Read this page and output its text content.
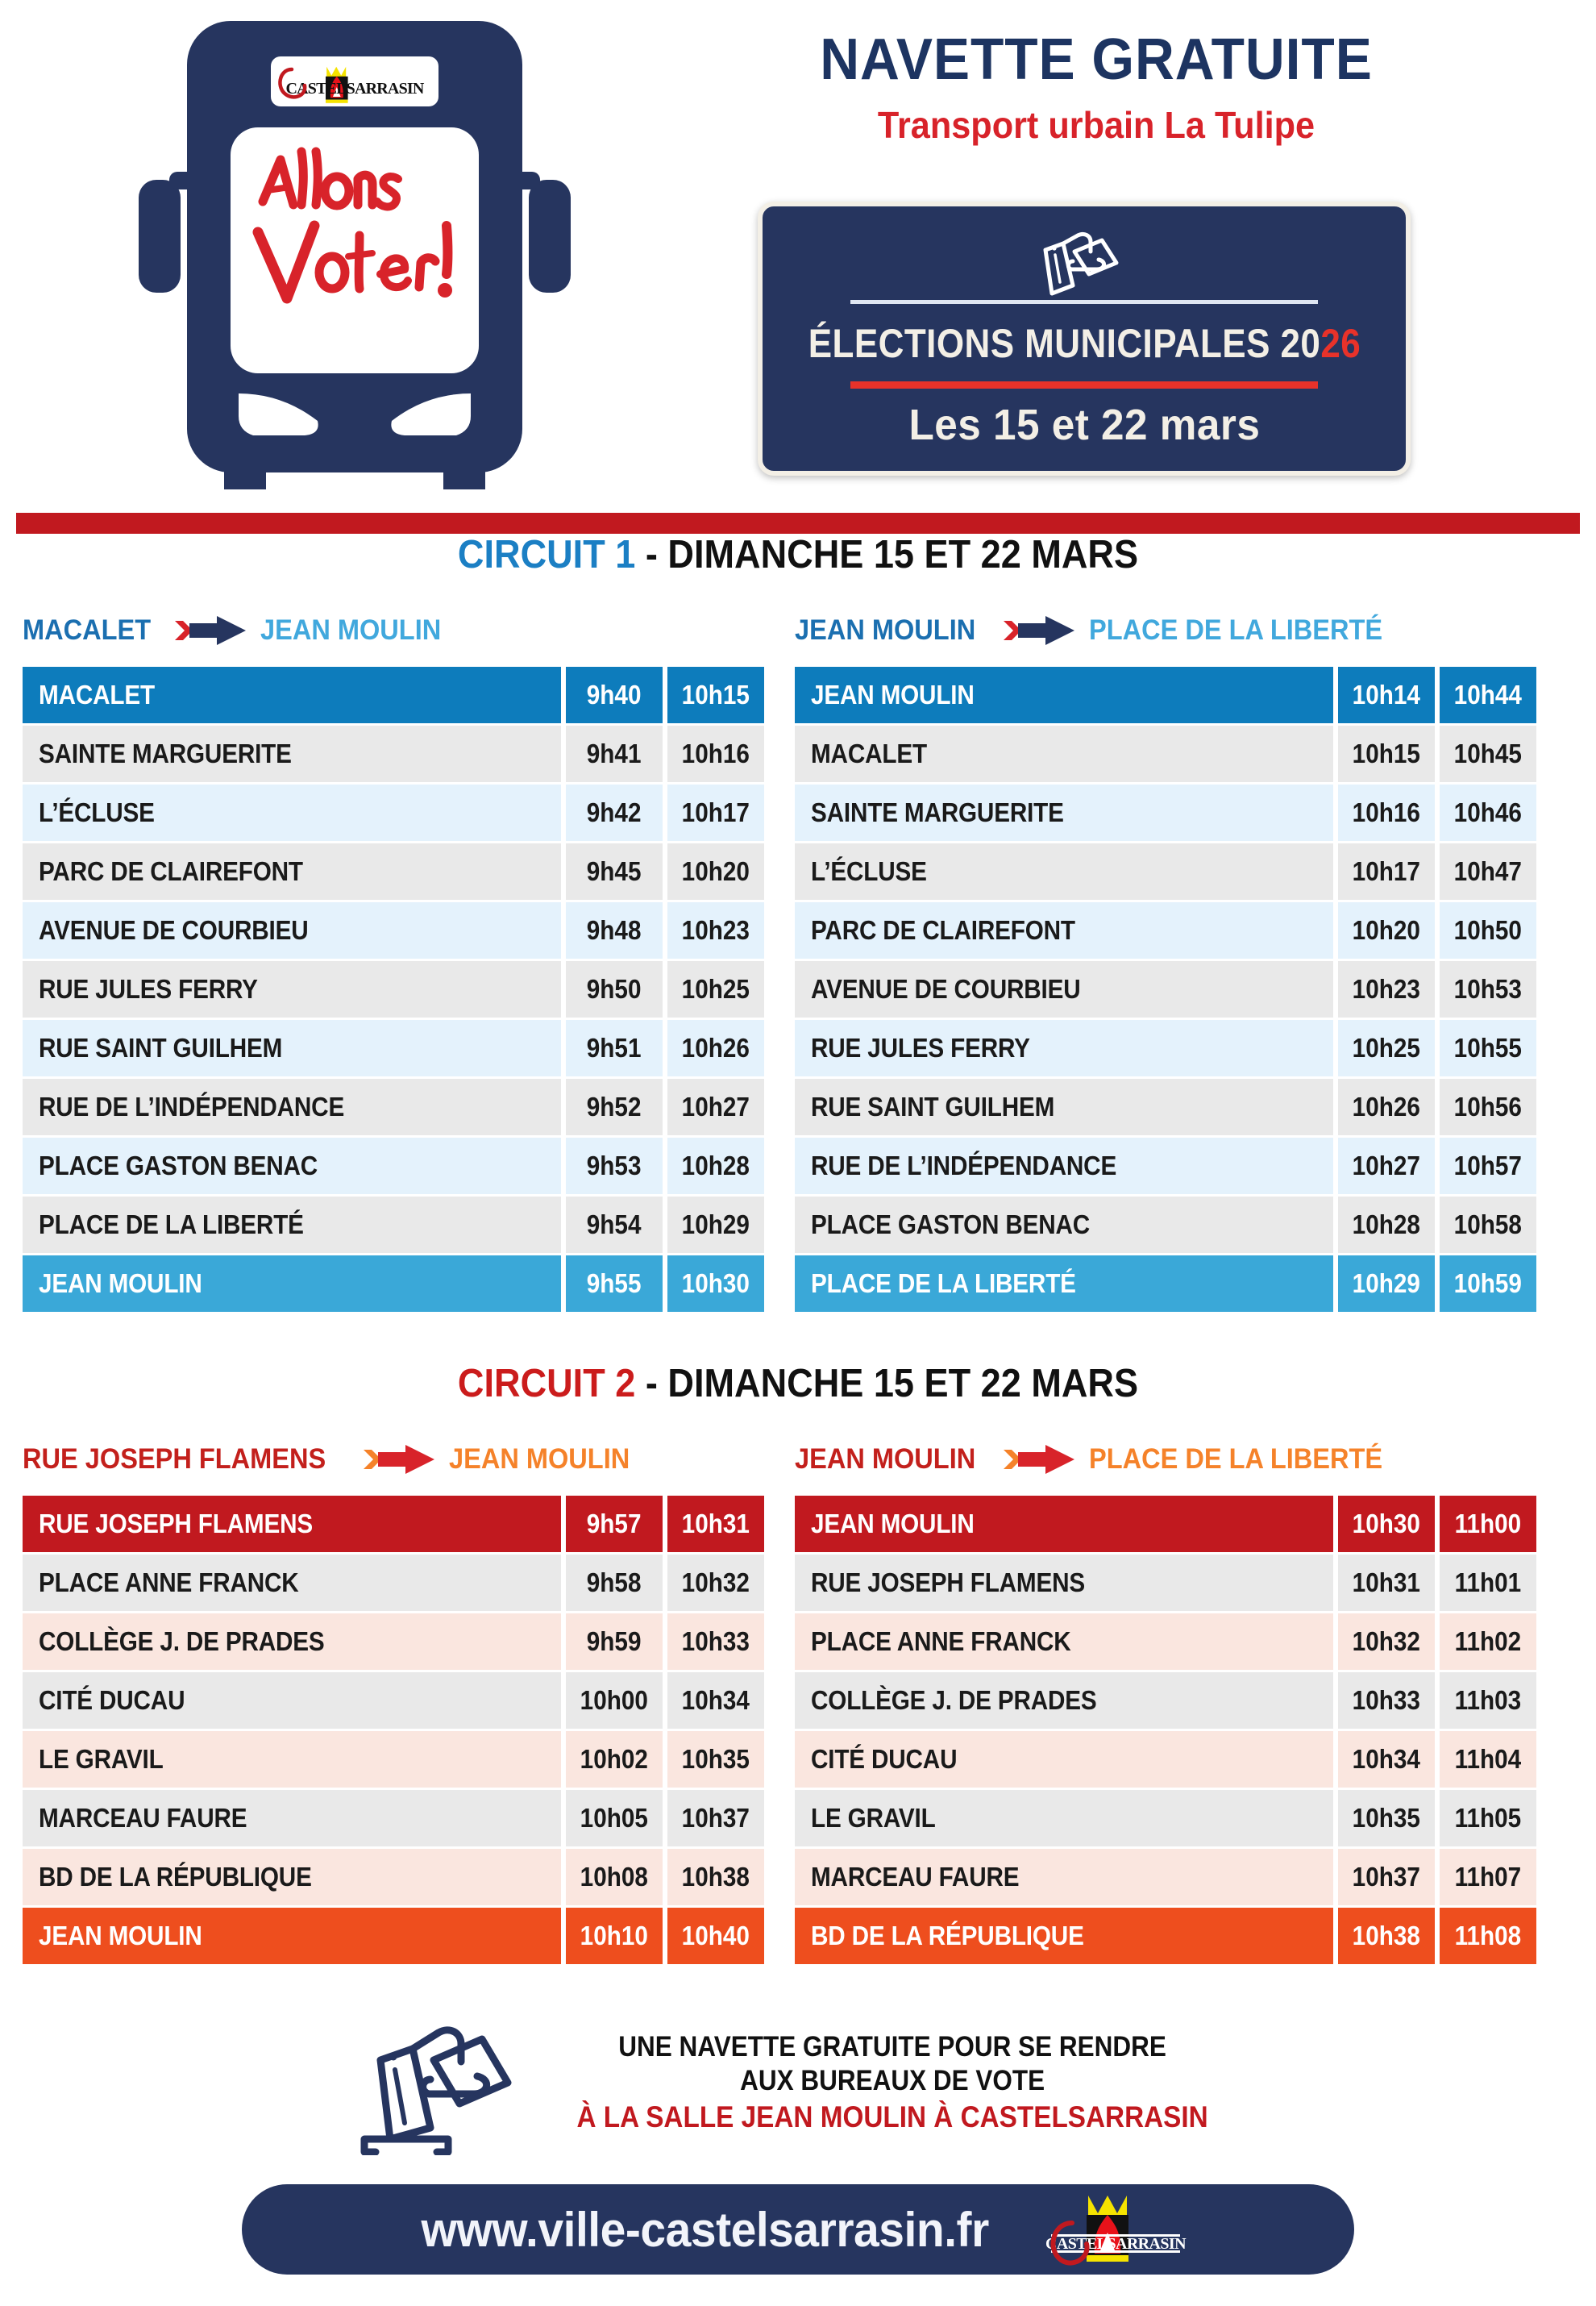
CASTELSARRASIN	NAVETTE GRATUITE
Transport urbain La Tulipe
ÉLECTIONS MUNICIPALES 2026
Les 15 et 22 mars
CIRCUIT 1 - DIMANCHE 15 ET 22 MARS
MACALET	JEAN MOULIN
MACALET		9h40		10h15
SAINTE MARGUERITE		9h41		10h16
L’ÉCLUSE		9h42		10h17
PARC DE CLAIREFONT		9h45		10h20
AVENUE DE COURBIEU		9h48		10h23
RUE JULES FERRY		9h50		10h25
RUE SAINT GUILHEM		9h51		10h26
RUE DE L’INDÉPENDANCE		9h52		10h27
PLACE GASTON BENAC		9h53		10h28
PLACE DE LA LIBERTÉ		9h54		10h29
JEAN MOULIN		9h55		10h30
JEAN MOULIN	PLACE DE LA LIBERTÉ
JEAN MOULIN		10h14		10h44
MACALET		10h15		10h45
SAINTE MARGUERITE		10h16		10h46
L’ÉCLUSE		10h17		10h47
PARC DE CLAIREFONT		10h20		10h50
AVENUE DE COURBIEU		10h23		10h53
RUE JULES FERRY		10h25		10h55
RUE SAINT GUILHEM		10h26		10h56
RUE DE L’INDÉPENDANCE		10h27		10h57
PLACE GASTON BENAC		10h28		10h58
PLACE DE LA LIBERTÉ		10h29		10h59
CIRCUIT 2 - DIMANCHE 15 ET 22 MARS
RUE JOSEPH FLAMENS	JEAN MOULIN
RUE JOSEPH FLAMENS		9h57		10h31
PLACE ANNE FRANCK		9h58		10h32
COLLÈGE J. DE PRADES		9h59		10h33
CITÉ DUCAU		10h00		10h34
LE GRAVIL		10h02		10h35
MARCEAU FAURE		10h05		10h37
BD DE LA RÉPUBLIQUE		10h08		10h38
JEAN MOULIN		10h10		10h40
JEAN MOULIN	PLACE DE LA LIBERTÉ
JEAN MOULIN		10h30		11h00
RUE JOSEPH FLAMENS		10h31		11h01
PLACE ANNE FRANCK		10h32		11h02
COLLÈGE J. DE PRADES		10h33		11h03
CITÉ DUCAU		10h34		11h04
LE GRAVIL		10h35		11h05
MARCEAU FAURE		10h37		11h07
BD DE LA RÉPUBLIQUE		10h38		11h08
UNE NAVETTE GRATUITE POUR SE RENDRE
AUX BUREAUX DE VOTE
À LA SALLE JEAN MOULIN À CASTELSARRASIN
www.ville-castelsarrasin.fr	CASTELSARRASIN
